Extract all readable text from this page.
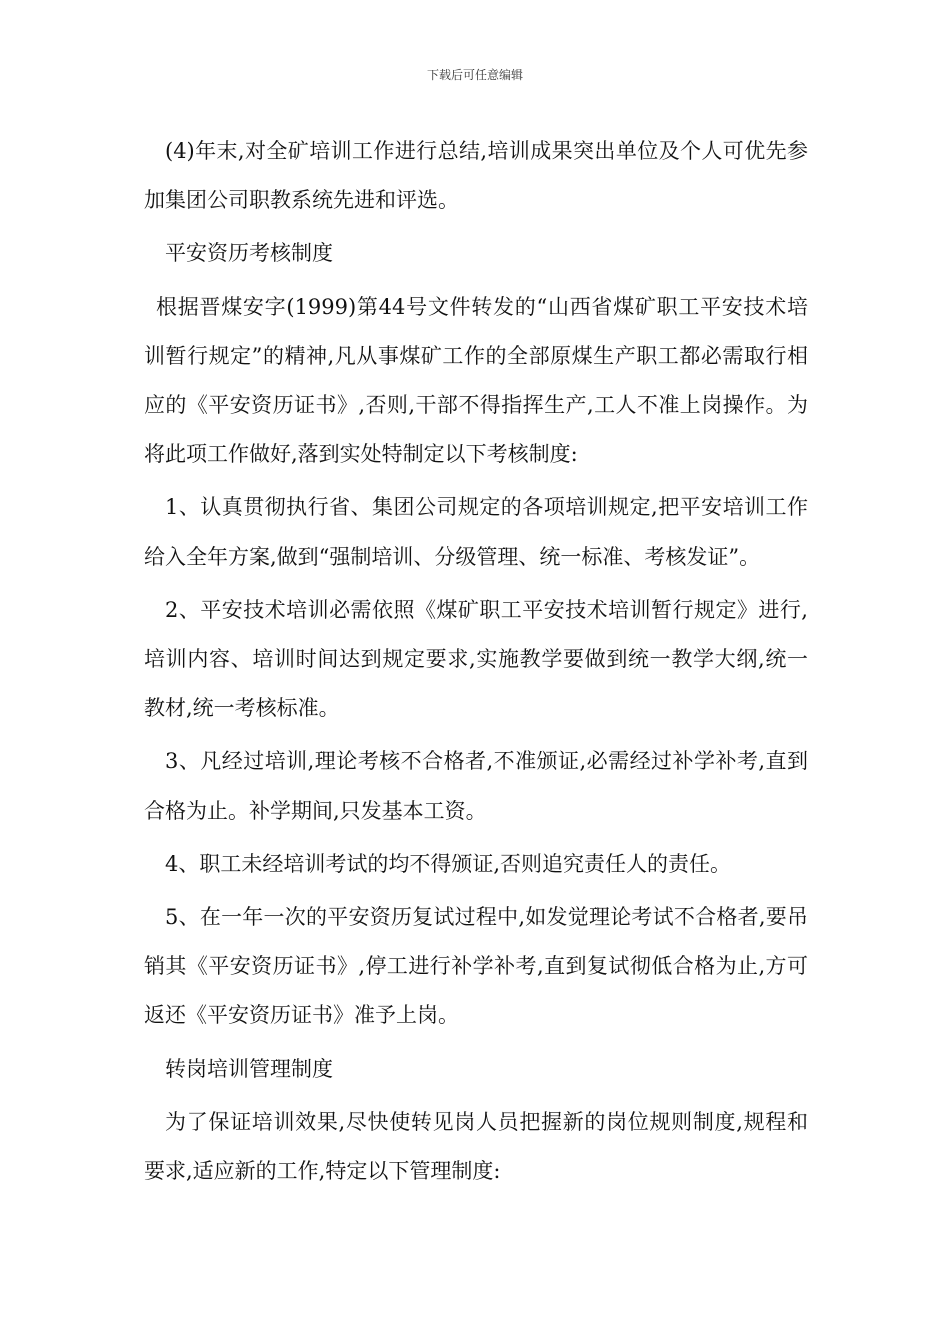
下载后可任意编辑

(4)年末,对全矿培训工作进行总结,培训成果突出单位及个人可优先参加集团公司职教系统先进和评选。

平安资历考核制度

根据晋煤安字(1999)第44号文件转发的“山西省煤矿职工平安技术培训暂行规定”的精神,凡从事煤矿工作的全部原煤生产职工都必需取行相应的《平安资历证书》,否则,干部不得指挥生产,工人不准上岗操作。为将此项工作做好,落到实处特制定以下考核制度:

1、认真贯彻执行省、集团公司规定的各项培训规定,把平安培训工作给入全年方案,做到“强制培训、分级管理、统一标准、考核发证”。

2、平安技术培训必需依照《煤矿职工平安技术培训暂行规定》进行,培训内容、培训时间达到规定要求,实施教学要做到统一教学大纲,统一教材,统一考核标准。

3、凡经过培训,理论考核不合格者,不准颁证,必需经过补学补考,直到合格为止。补学期间,只发基本工资。

4、职工未经培训考试的均不得颁证,否则追究责任人的责任。

5、在一年一次的平安资历复试过程中,如发觉理论考试不合格者,要吊销其《平安资历证书》,停工进行补学补考,直到复试彻低合格为止,方可返还《平安资历证书》准予上岗。

转岗培训管理制度

为了保证培训效果,尽快使转见岗人员把握新的岗位规则制度,规程和要求,适应新的工作,特定以下管理制度:
